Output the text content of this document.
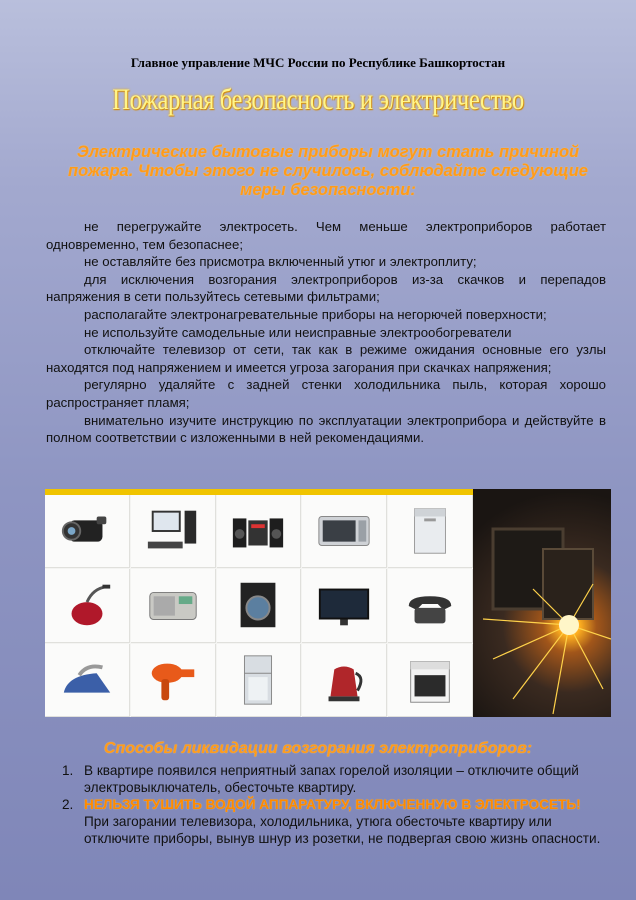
Главное управление МЧС России по Республике Башкортостан
Пожарная безопасность и электричество
Электрические бытовые приборы могут стать причиной пожара. Чтобы этого не случилось, соблюдайте следующие меры безопасности:

не перегружайте электросеть. Чем меньше электроприборов работает одновременно, тем безопаснее;

не оставляйте без присмотра включенный утюг и электроплиту;

для исключения возгорания электроприборов из-за скачков и перепадов напряжения в сети пользуйтесь сетевыми фильтрами;

располагайте электронагревательные приборы на негорючей поверхности;

не используйте самодельные или неисправные электрообогреватели

отключайте телевизор от сети, так как в режиме ожидания основные его узлы находятся под напряжением и имеется угроза загорания при скачках напряжения;

регулярно удаляйте с задней стенки холодильника пыль, которая хорошо распространяет пламя;

внимательно изучите инструкцию по эксплуатации электроприбора и действуйте в полном соответствии с изложенными в ней рекомендациями.

Способы ликвидации возгорания электроприборов:
1. В квартире появился неприятный запах горелой изоляции – отключите общий электровыключатель, обесточьте квартиру.
2. НЕЛЬЗЯ ТУШИТЬ ВОДОЙ АППАРАТУРУ, ВКЛЮЧЕННУЮ В ЭЛЕКТРОСЕТЬ! При загорании телевизора, холодильника, утюга обесточьте квартиру или отключите приборы, вынув шнур из розетки, не подвергая свою жизнь опасности.
